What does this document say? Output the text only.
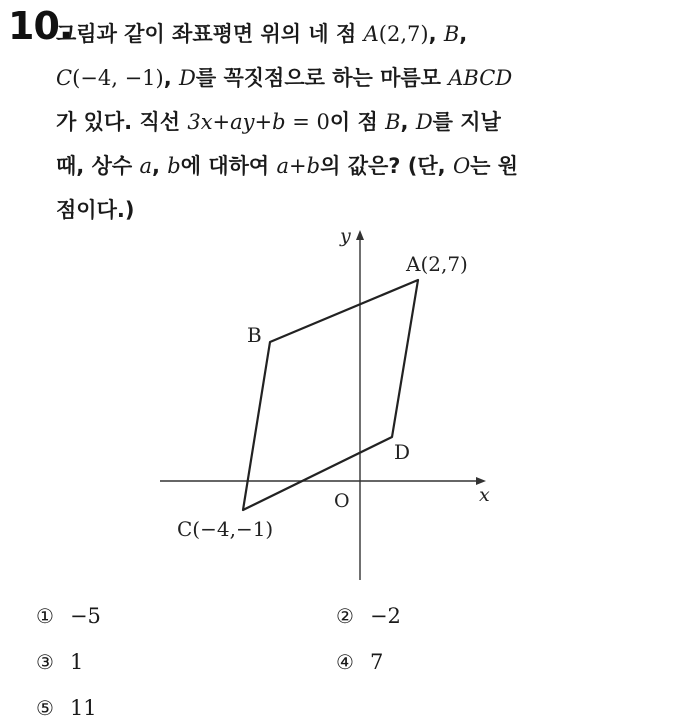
10.
그림과 같이 좌표평면 위의 네 점 A(2,7), B,
C(−4, −1), D를 꼭짓점으로 하는 마름모 ABCD
가 있다. 직선 3x+ay+b = 0이 점 B, D를 지날
때, 상수 a, b에 대하여 a+b의 값은? (단, O는 원
점이다.)
y
x
O
A(2,7)
B
C(−4,−1)
D
① −5	② −2
③ 1	④ 7
⑤ 11
